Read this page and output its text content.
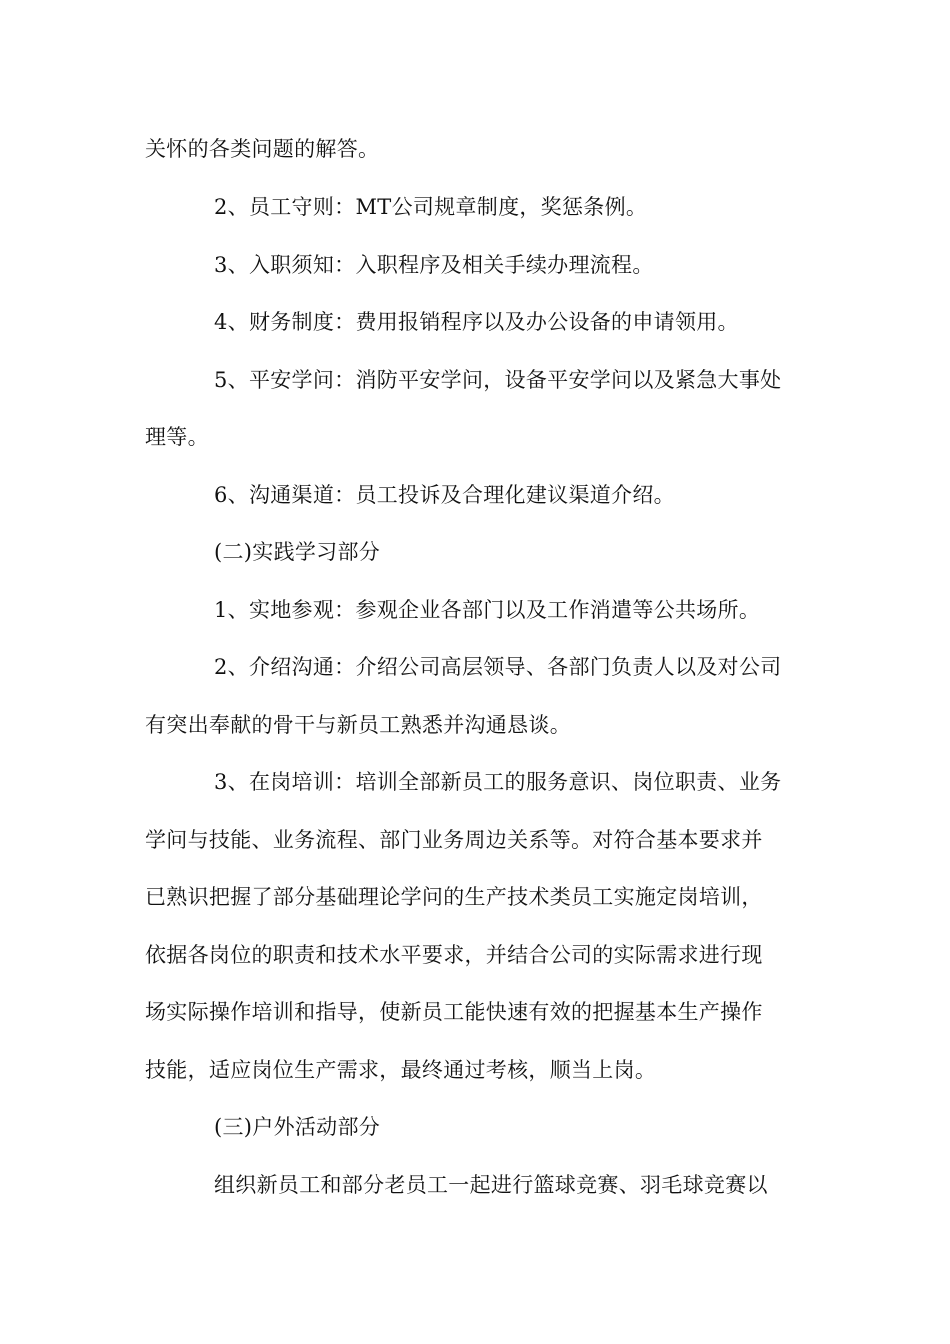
关怀的各类问题的解答。
2、员工守则：MT公司规章制度，奖惩条例。
3、入职须知：入职程序及相关手续办理流程。
4、财务制度：费用报销程序以及办公设备的申请领用。
5、平安学问：消防平安学问，设备平安学问以及紧急大事处
理等。
6、沟通渠道：员工投诉及合理化建议渠道介绍。
(二)实践学习部分
1、实地参观：参观企业各部门以及工作消遣等公共场所。
2、介绍沟通：介绍公司高层领导、各部门负责人以及对公司
有突出奉献的骨干与新员工熟悉并沟通恳谈。
3、在岗培训：培训全部新员工的服务意识、岗位职责、业务
学问与技能、业务流程、部门业务周边关系等。对符合基本要求并
已熟识把握了部分基础理论学问的生产技术类员工实施定岗培训，
依据各岗位的职责和技术水平要求，并结合公司的实际需求进行现
场实际操作培训和指导，使新员工能快速有效的把握基本生产操作
技能，适应岗位生产需求，最终通过考核，顺当上岗。
(三)户外活动部分
组织新员工和部分老员工一起进行篮球竞赛、羽毛球竞赛以
